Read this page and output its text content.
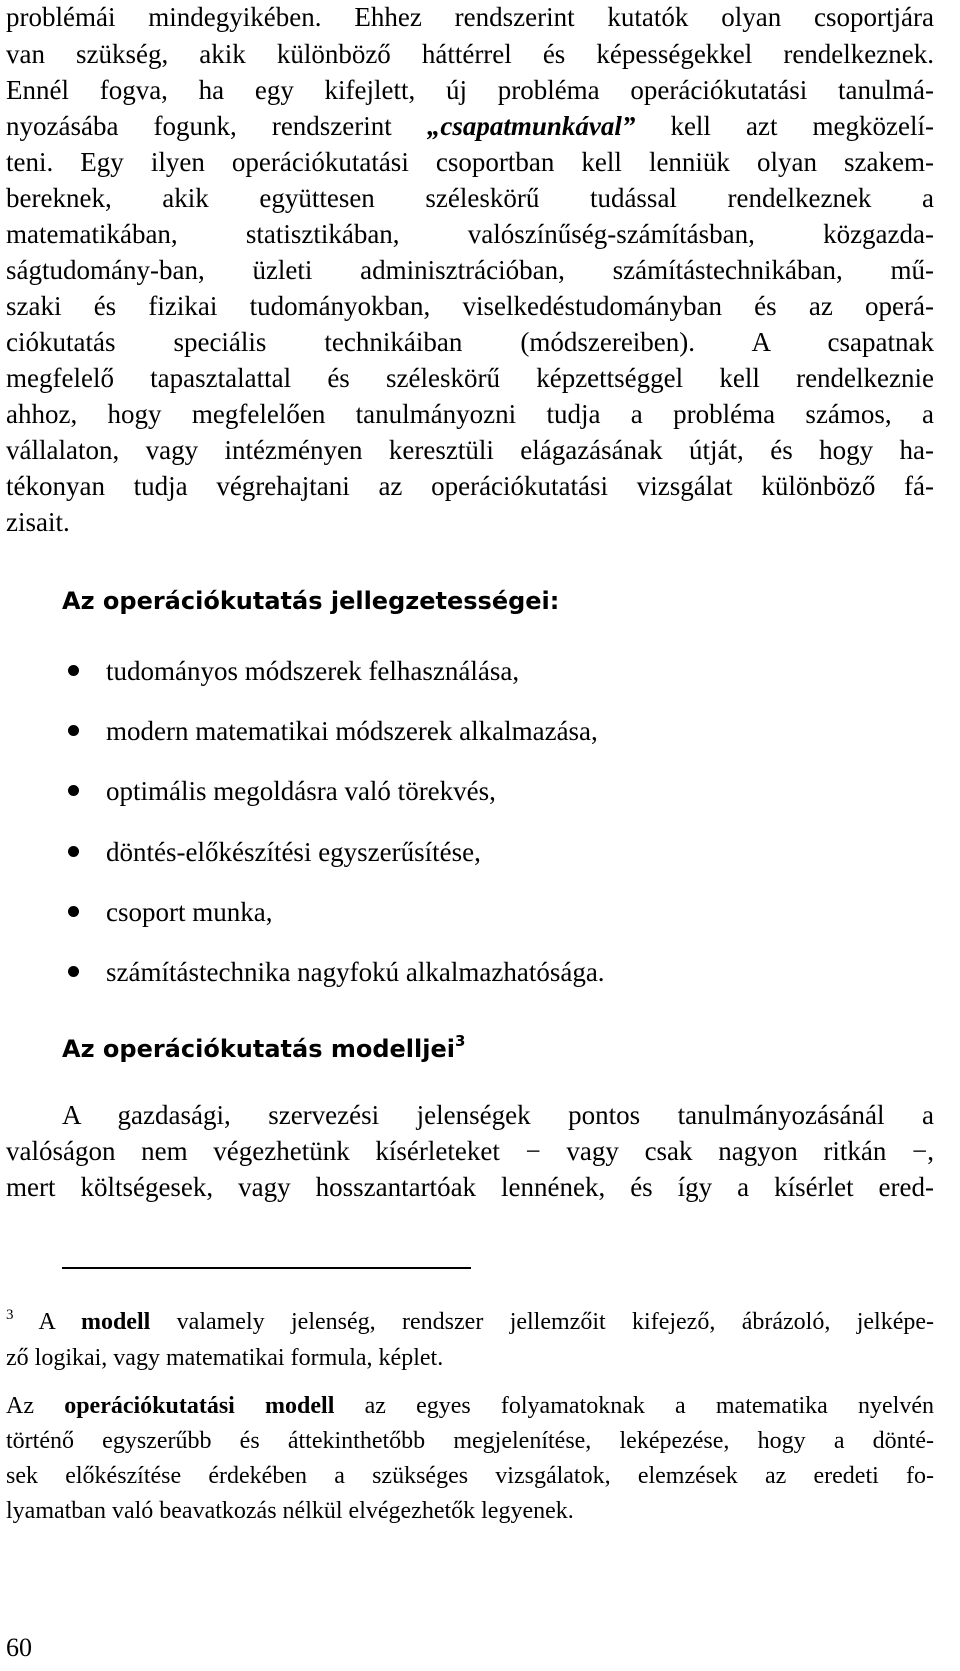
problémái mindegyikében. Ehhez rendszerint kutatók olyan csoportjára
van szükség, akik különböző háttérrel és képességekkel rendelkeznek.
Ennél fogva, ha egy kifejlett, új probléma operációkutatási tanulmá-
nyozásába fogunk, rendszerint „csapatmunkával” kell azt megközelí-
teni. Egy ilyen operációkutatási csoportban kell lenniük olyan szakem-
bereknek, akik együttesen széleskörű tudással rendelkeznek a
matematikában, statisztikában, valószínűség-számításban, közgazda-
ságtudomány-ban, üzleti adminisztrációban, számítástechnikában, mű-
szaki és fizikai tudományokban, viselkedéstudományban és az operá-
ciókutatás speciális technikáiban (módszereiben). A csapatnak
megfelelő tapasztalattal és széleskörű képzettséggel kell rendelkeznie
ahhoz, hogy megfelelően tanulmányozni tudja a probléma számos, a
vállalaton, vagy intézményen keresztüli elágazásának útját, és hogy ha-
tékonyan tudja végrehajtani az operációkutatási vizsgálat különböző fá-
zisait.
Az operációkutatás jellegzetességei:
tudományos módszerek felhasználása,
modern matematikai módszerek alkalmazása,
optimális megoldásra való törekvés,
döntés-előkészítési egyszerűsítése,
csoport munka,
számítástechnika nagyfokú alkalmazhatósága.
Az operációkutatás modelljei$^3$
A gazdasági, szervezési jelenségek pontos tanulmányozásánál a
valóságon nem végezhetünk kísérleteket − vagy csak nagyon ritkán −,
mert költségesek, vagy hosszantartóak lennének, és így a kísérlet ered-
$^3$ A modell valamely jelenség, rendszer jellemzőit kifejező, ábrázoló, jelképe-
ző logikai, vagy matematikai formula, képlet.
Az operációkutatási modell az egyes folyamatoknak a matematika nyelvén
történő egyszerűbb és áttekinthetőbb megjelenítése, leképezése, hogy a dönté-
sek előkészítése érdekében a szükséges vizsgálatok, elemzések az eredeti fo-
lyamatban való beavatkozás nélkül elvégezhetők legyenek.
60
